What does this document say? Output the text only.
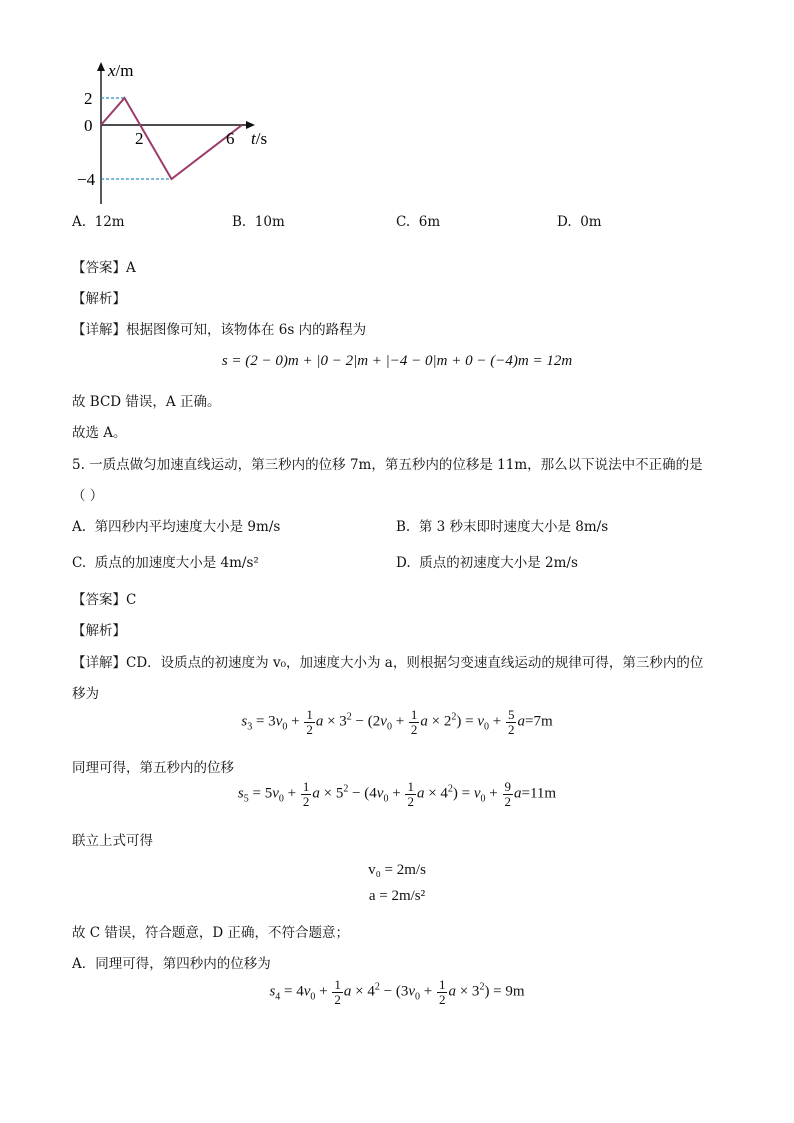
x/m
t/s
2
0
−4
2	6
A.  12m	B.  10m	C.  6m	D.  0m
【答案】A
【解析】
【详解】根据图像可知，该物体在 6s 内的路程为
s = (2 − 0)m + |0 − 2|m + |−4 − 0|m + 0 − (−4)m = 12m
故 BCD 错误，A 正确。
故选 A。
5. 一质点做匀加速直线运动，第三秒内的位移 7m，第五秒内的位移是 11m，那么以下说法中不正确的是
（ ）
A. 第四秒内平均速度大小是 9m/s	B. 第 3 秒末即时速度大小是 8m/s
C. 质点的加速度大小是 4m/s²	D. 质点的初速度大小是 2m/s
【答案】C
【解析】
【详解】CD．设质点的初速度为 v₀，加速度大小为 a，则根据匀变速直线运动的规律可得，第三秒内的位
移为
$s_3 = 3v_0 + \frac{1}{2}$ $a \times 3^2 - (2v_0 + \frac{1}{2}$ $a \times 2^2) = v_0 + \frac{5}{2} a=7m$
同理可得，第五秒内的位移
$s_5 = 5v_0 + \frac{1}{2}$ $a \times 5^2 - (4v_0 + \frac{1}{2}$ $a \times 4^2) = v_0 + \frac{9}{2} a=11m$
联立上式可得
v₀ = 2m/s
a = 2m/s²
故 C 错误，符合题意，D 正确，不符合题意；
A．同理可得，第四秒内的位移为
$s_4 = 4v_0 + \frac{1}{2}$ $a \times 4^2 - (3v_0 + \frac{1}{2}$ $a \times 3^2) = 9m$
